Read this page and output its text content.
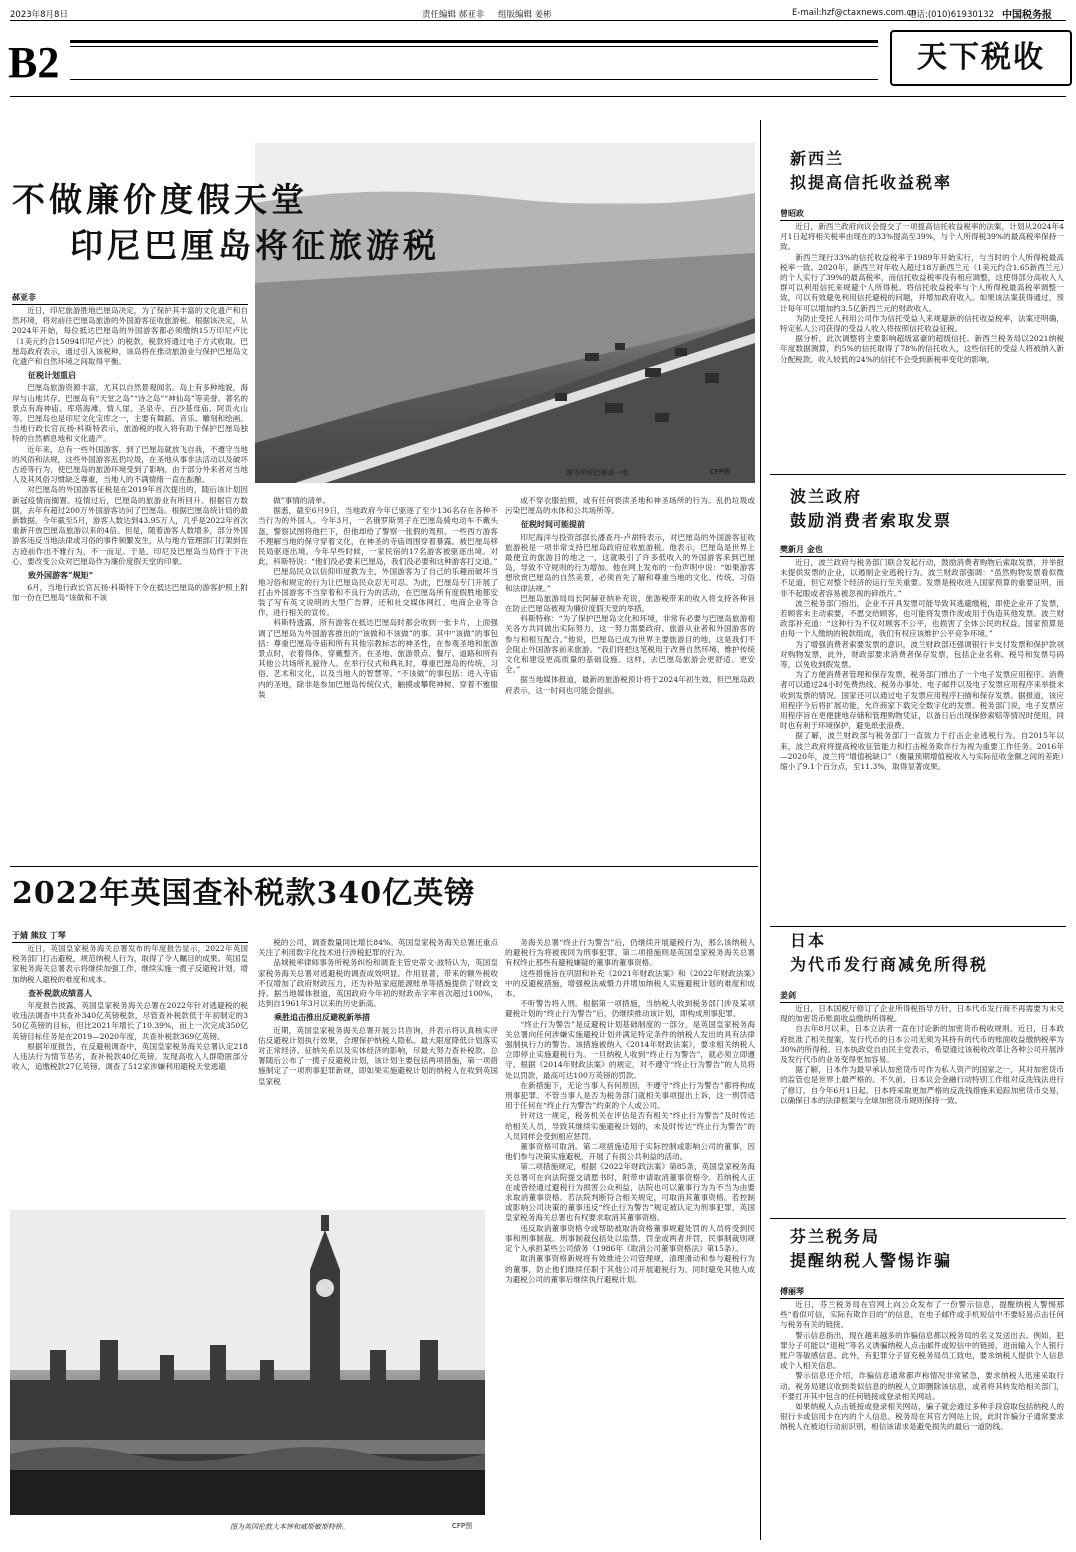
2023年8月8日	责任编辑 郝亚非 组版编辑 姜彬	E-mail:hzf@ctaxnews.com.cn
电话:(010)61930132 中国税务报
B2	天下税收
不做廉价度假天堂
印尼巴厘岛将征旅游税
图为印尼巴厘岛一角。	CFP图
郝亚非

近日，印尼旅游胜地巴厘岛决定，为了保护其丰富的文化遗产和自然环境，将对前往巴厘岛旅游的外国游客征收旅游税。根据该决定，从2024年开始，每位抵达巴厘岛的外国游客都必须缴纳15万印尼卢比（1美元约合15094印尼卢比）的税款，税款将通过电子方式收取。巴厘岛政府表示，通过引入该税种，该岛将在推动旅游业与保护巴厘岛文化遗产和自然环境之间取得平衡。

征税计划重启

巴厘岛旅游资源丰富，尤其以自然景观闻名。岛上有多种地貌，海岸与山地共存。巴厘岛有“天堂之岛”“诗之岛”“神仙岛”等美誉。著名的景点有海神庙、库塔海滩、情人崖、圣泉寺、百沙基母庙、阿贡火山等。巴厘岛也是印尼文化宝库之一，主要有舞蹈、音乐、雕刻和绘画。当地行政长官瓦扬·科斯特表示，旅游税的收入将有助于保护巴厘岛独特的自然栖息地和文化遗产。

近年来，总有一些外国游客，到了巴厘岛就放飞自我，不遵守当地的风俗和法规，这些外国游客乱扔垃圾，在圣地从事非法活动以及破坏古迹等行为，使巴厘岛的旅游环境受到了影响。由于部分外来者对当地人及其风俗习惯缺乏尊重，当地人的不满情绪一直在酝酿。

对巴厘岛的外国游客征税是在2019年首次提出的，随后该计划因新冠疫情而搁置。疫情过后，巴厘岛的旅游业有所回升。根据官方数据，去年有超过200万外国游客访问了巴厘岛。根据巴厘岛统计局的最新数据，今年截至5月，游客人数达到43.95万人，几乎是2022年首次重新开放巴厘岛旅游以来的4倍。但是，随着游客人数增多，部分外国游客违反当地法律或习俗的事件频繁发生，从与地方管理部门打架到在古迹前作出不雅行为，不一而足。于是，印尼及巴厘岛当局终于下决心，要改变公众对巴厘岛作为廉价度假天堂的印象。

致外国游客“规矩”

6月，当地行政长官瓦扬·科斯特下令在抵达巴厘岛的游客护照上附加一份在巴厘岛“该做和不该

做”事情的清单。

据悉，截至6月9日，当地政府今年已驱逐了至少136名存在各种不当行为的外国人。今年3月，一名俄罗斯男子在巴厘岛骑电动车不戴头盔，警察试图将他拦下，但他却给了警察一张假的驾照。一些西方游客不理解当地的保守穿着文化，在神圣的寺庙周围穿着暴露。被巴厘岛移民局驱逐出境。今年早些时候，一家民宿的17名游客被驱逐出境。对此，科斯特说：“他们没必要来巴厘岛，我们没必要和这种游客打交道。”

巴厘岛民众以信仰印度教为主，外国游客为了自己的乐趣而破坏当地习俗和规定的行为让巴厘岛民众忍无可忍。为此，巴厘岛专门开展了打击外国游客不当穿着和不良行为的活动，在巴厘岛所有度假胜地都安装了写有英文说明的大型广告牌，还和社交媒体网红、电商企业等合作，进行相关的宣传。

科斯特透露，所有游客在抵达巴厘岛时都会收到一张卡片，上面强调了巴厘岛为外国游客推出的“该做和不该做”的事。其中“该做”的事包括：尊重巴厘岛寺庙和所有其他宗教标志的神圣性，在参观圣地和旅游景点时，衣着得体，穿戴整齐。在圣地、旅游景点、餐厅、道路和所有其他公共场所礼貌待人。在举行仪式和典礼时，尊重巴厘岛的传统、习俗、艺术和文化，以及当地人的智慧等。“不该做”的事包括：进入寺庙内的圣地，除非是参加巴厘岛传统仪式，触摸或攀爬神树、穿着不雅服装

或不穿衣服拍照，或有任何亵渎圣地和神圣场所的行为。乱扔垃圾或污染巴厘岛的水体和公共场所等。

征税时间可能提前

印尼海洋与投资部部长潘查丹·卢胡特表示，对巴厘岛的外国游客征收旅游税是一项非常支持巴厘岛政府征收旅游税。他表示，巴厘岛是世界上最便宜的旅游目的地之一，这就吸引了许多低收入的外国游客来到巴厘岛，导致不守规则的行为增加。他在网上发布的一份声明中说：“如果游客想欣赏巴厘岛的自然美景，必须首先了解和尊重当地的文化、传统、习俗和法律法规。”

巴厘岛旅游局局长阿赫亚纳补充说，旅游税带来的收入将支持各种旨在防止巴厘岛被视为廉价度假天堂的举措。

科斯特称：“为了保护巴厘岛文化和环境，非常有必要与巴厘岛旅游相关各方共同做出实际努力，这一努力需要政府、旅游从业者和外国游客的参与和相互配合。”他说，巴厘岛已成为世界主要旅游目的地，这是我们不会阻止外国游客前来旅游。“我们将把这笔税用于改善自然环境、维护传统文化和建设更高质量的基础设施。这样，去巴厘岛旅游会更舒适、更安全。”

据当地媒体报道，最新的旅游税预计将于2024年初生效，但巴厘岛政府表示，这一时间也可能会提前。

2022年英国查补税款340亿英镑
于婧 熊玟 丁琴

近日，英国皇家税务海关总署发布的年度报告显示，2022年英国税务部门打击避税，规范纳税人行为，取得了令人瞩目的成果。英国皇家税务海关总署表示将继续加强工作，继续实施一揽子反避税计划，增加纳税人避税的难度和成本。

查补税款成绩喜人

年度报告披露，英国皇家税务海关总署在2022年针对逃避税的税收违法调查中共查补340亿英镑税款，尽管查补税款低于年初制定的350亿英镑的目标，但比2021年增长了10.39%，而上一次完成350亿英镑目标任务是在2019—2020年度，共查补税款369亿英镑。

根据年度报告，在反避税调查中，英国皇家税务海关总署认定218人违法行为情节恶劣，查补税款40亿英镑。发现高收入人群隐匿部分收入，追缴税款27亿英镑。调查了512家涉嫌利用避税天堂逃避

税的公司，调查数量同比增长84%。英国皇家税务海关总署还重点关注了利用数字化技术进行涉税犯罪的行为。

品城税率律师事务所税务纠纷和调查主管史蒂文·波特认为，英国皇家税务海关总署对逃避税的调查成效明显。作用显著，带来的额外税收不仅增加了政府财政压力，还为补贴家庭能源账单等措施提供了财政支持。据当地媒体报道，英国政府今年初的财政赤字率首次超过100%，达到自1961年3月以来的历史新高。

乘胜追击推出反避税新举措

近期，英国皇家税务海关总署开展公共咨询，并表示将认真核实评估反避税计划执行效果，合理保护纳税人隐私。最大限度降低计划落实对正常经济、征纳关系以及实体经济的影响，尽最大努力查补税款。总署随后公布了一揽子反避税计划，该计划主要包括两项措施，第一项措施制定了一项刑事犯罪新规，即如果实施避税计划的纳税人在收到英国皇家税

务海关总署“终止行为警告”后，仍继续开展避税行为，那么该纳税人的避税行为将被视同为刑事犯罪。第二项措施则是英国皇家税务海关总署有权终止那些有避税嫌疑的董事的董事资格。

这些措施旨在巩固和补充《2021年财政法案》和《2022年财政法案》中的反避税措施，增强税法威慑力并增加纳税人实施避税计划的难度和成本。

不听警告将入刑。根据第一项措施，当纳税人收到税务部门涉及某项避税计划的“终止行为警告”后，仍继续推动该计划，即构成刑事犯罪。

“终止行为警告”是反避税计划基础制度的一部分，是英国皇家税务海关总署向任何涉嫌实施避税计划并满足特定条件的纳税人发出的具有法律强制执行力的警告。该措施被纳入《2014年财政法案》，要求相关纳税人立即停止实施避税行为。一旦纳税人收到“终止行为警告”，就必须立即遵守。根据《2014年财政法案》的规定，对不遵守“终止行为警告”的人员将处以罚款，最高可达100万英镑的罚款。

在新措施下，无论当事人有何原因，不遵守“终止行为警告”都将构成刑事犯罪。不管当事人是否为税务部门就相关事项提出上诉，这一刑罚适用于任何在“终止行为警告”约束的个人或公司。

针对这一规定，税务机关在评估是否有相关“终止行为警告”及时传达给相关人员，导致其继续实施避税计划的，未及时传达“终止行为警告”的人员同样会受到相应惩罚。

董事资格可取消。第二项措施适用于实际控制或影响公司的董事，因他们参与决策实施避税，开展了有损公共利益的活动。

第二项措施规定，根据《2022年财政法案》第85条，英国皇家税务海关总署可在向法院提交请愿书时，附带申请取消董事资格令。若纳税人正在或曾经通过避税行为损害公众利益，法院也可以董事行为为不当为由要求取消董事资格。若法院判断符合相关规定，可取消其董事资格。若控制或影响公司决策的董事违反“终止行为警告”规定被认定为刑事犯罪，英国皇家税务海关总署也有权要求取消其董事资格。

违反取消董事资格令或帮助被取消资格董事规避处罚的人员将受到民事和刑事制裁。刑事制裁包括处以监禁、罚金或两者并罚，民事制裁则规定个人承担某些公司债务（1986年《取消公司董事资格法》第15条）。

取消董事资格新规将有效推进公司管理规，清理滑动和参与避税行为的董事，防止他们继续任职于其他公司开展避税行为，同时避免其他人成为避税公司的董事后继续执行避税计划。

图为英国伦敦大本钟和威斯敏斯特桥。	CFP图
新西兰
拟提高信托收益税率
曾昭政

近日，新西兰政府向议会提交了一项提高信托收益税率的法案，计划从2024年4月1日起将相关税率由现在的33%提高至39%，与个人所得税39%的最高税率保持一致。

新西兰现行33%的信托收益税率于1989年开始实行，与当时的个人所得税最高税率一致。2020年，新西兰对年收入超过18万新西兰元（1美元约合1.65新西兰元）的个人实行了39%的最高税率，而信托收益税率没有相应调整，这使得部分高收入人群可以利用信托来规避个人所得税。将信托收益税率与个人所得税最高税率调整一致，可以有效避免利用信托避税的问题，并增加政府收入。如果该法案获得通过，预计每年可以增加约3.5亿新西兰元的财政收入。

为防止受托人利用公司作为信托受益人来规避新的信托收益税率，法案还明确，特定私人公司获得的受益人收入将按照信托收益征税。

据分析，此次调整将主要影响超级富豪的超级信托。新西兰税务局以2021纳税年度数据测算，约5%的信托取得了78%的信托收入，这些信托的受益人将被纳入新分配税款。收入较低的24%的信托不会受到新税率变化的影响。

波兰政府
鼓励消费者索取发票
樊新月 金也

近日，波兰政府与税务部门联合发起行动，鼓励消费者购物后索取发票，并举报未提供发票的企业，以遏制企业逃税行为。波兰财政部强调：“虽然购物发票看似微不足道，但它对整个经济的运行至关重要。发票是税收进入国家预算的重要证明，而非不起眼或者容易被忽视的碎纸片。”

波兰税务部门指出，企业不开具发票可能导致其逃避缴税，即使企业开了发票，若顾客未主动索要，不愿交给顾客，也可能将发票作废或用于伪造其他发票。波兰财政部补充道：“这种行为不仅对顾客不公平，也损害了全体公民的权益。国家预算是由每一个人缴纳的税款组成，我们有权应该维护公平竞争环境。”

为了增强消费者索要发票的意识，波兰财政部还强调银行卡支付发票和保护款项对购物发票，此外，财政部要求消费者保存发票，包括企业名称、税号和发票号码等，以免收到假发票。

为了方便消费者管理和保存发票，税务部门推出了一个电子发票应用程序。消费者可以通过24小时免费热线、税务办事处、电子邮件以及电子发票应用程序来举报未收到发票的情况。国家还可以通过电子发票应用程序扫描和保存发票。据报道，该应用程序今后将扩展功能，允许商家下载完全数字化的发票。税务部门说，电子发票应用程序旨在更便捷地存储和管理购物凭证，以备日后出现保修索赔等情况时使用，同时也有利于环境保护，避免纸张浪费。

据了解，波兰财政部与税务部门一直致力于打击企业逃税行为。自2015年以来，波兰政府将提高税收征管能力和打击税务欺诈行为视为重要工作任务。2016年—2020年，波兰将“增值税缺口”（衡量预期增值税收入与实际征收金额之间的差距）缩小了9.1个百分点，至11.3%，取得显著成果。

日本
为代币发行商减免所得税
姜剑

近日，日本国税厅修订了企业所得税指导方针，日本代币发行商不再需要为未兑现的加密货币账面收益缴纳所得税。

自去年8月以来，日本立法者一直在讨论新的加密货币税收规则。近日，日本政府批准了相关提案，发行代币的日本公司无须为其持有的代币的账面收益缴纳税率为30%的所得税。日本执政党自由民主党表示，希望通过该税收改革让各种公司开展涉及发行代币的业务变得更加容易。

据了解，日本作为最早承认加密货币可作为私人资产的国家之一，其对加密货币的监管也是世界上最严格的。不久前，日本议会金融行动特别工作组对反洗钱法进行了修订，自今年6月1日起，日本将采取更加严格的反洗钱措施来追踪加密货币交易，以确保日本的法律框架与全球加密货币规则保持一致。

芬兰税务局
提醒纳税人警惕诈骗
傅丽琴

近日，芬兰税务局在官网上向公众发布了一份警示信息，提醒纳税人警惕那些“看似可信，实际有欺诈目的”的信息，在电子邮件或手机短信中不要轻易点击任何与税务有关的链接。

警示信息指出，现在越来越多的诈骗信息都以税务局的名义发送出去。例如，犯罪分子可能以“退税”等名义诱骗纳税人点击邮件或短信中的链接，进而输入个人银行账户等敏感信息。此外，有犯罪分子冒充税务局员工致电，要求纳税人提供个人信息或个人相关信息。

警示信息还介绍，诈骗信息通常都声称情况非常紧急，要求纳税人迅速采取行动。税务局建议收到类似信息的纳税人立即删除该信息，或者将其转发给相关部门，不要打开其中包含的任何链接或登录相关网站。

如果纳税人点击链接或登录相关网站，骗子就会通过多种手段窃取包括纳税人的银行卡或信用卡在内的个人信息。税务局在其官方网站上说，此时诈骗分子通常要求纳税人在被迫行动前识别，相信该请求是避免损失的最后一道防线。
